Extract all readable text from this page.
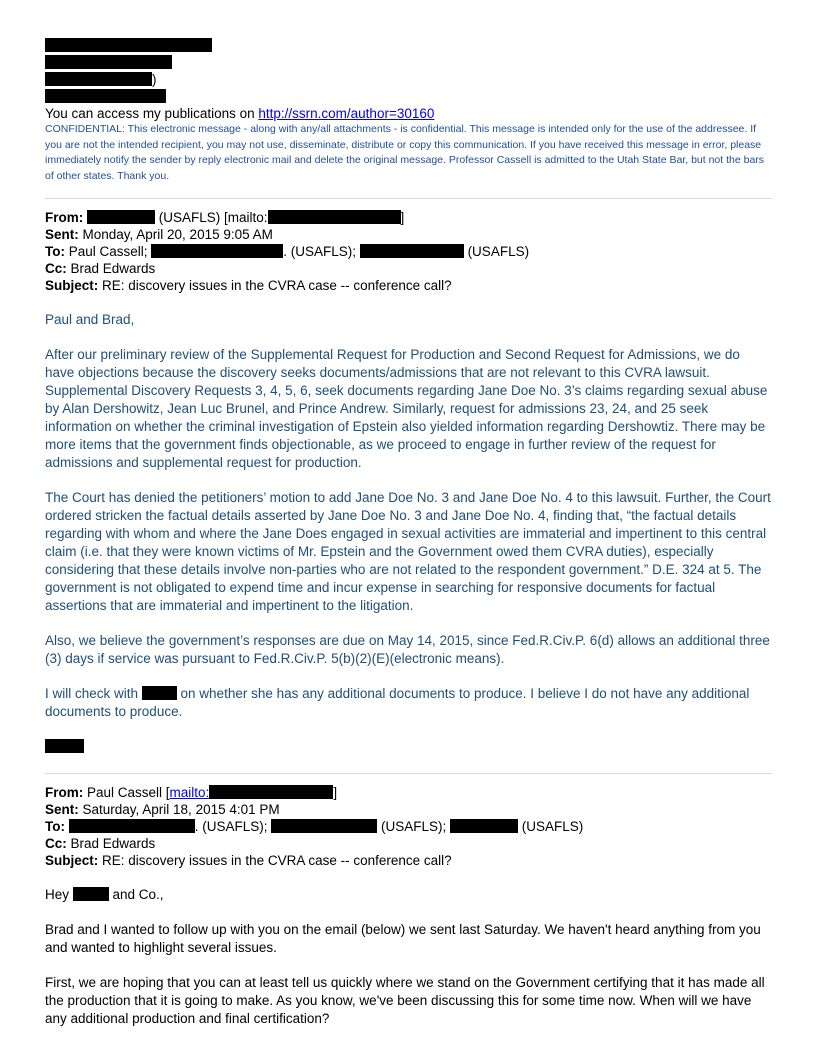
)
You can access my publications on http://ssrn.com/author=30160
CONFIDENTIAL: This electronic message - along with any/all attachments - is confidential. This message is intended only for the use of the addressee. If you are not the intended recipient, you may not use, disseminate, distribute or copy this communication. If you have received this message in error, please immediately notify the sender by reply electronic mail and delete the original message. Professor Cassell is admitted to the Utah State Bar, but not the bars of other states. Thank you.
From:	(USAFLS) [mailto:	]
Sent: Monday, April 20, 2015 9:05 AM
To: Paul Cassell;	. (USAFLS);	(USAFLS)
Cc: Brad Edwards
Subject: RE: discovery issues in the CVRA case -- conference call?

Paul and Brad,

After our preliminary review of the Supplemental Request for Production and Second Request for Admissions, we do have objections because the discovery seeks documents/admissions that are not relevant to this CVRA lawsuit. Supplemental Discovery Requests 3, 4, 5, 6, seek documents regarding Jane Doe No. 3’s claims regarding sexual abuse by Alan Dershowitz, Jean Luc Brunel, and Prince Andrew. Similarly, request for admissions 23, 24, and 25 seek information on whether the criminal investigation of Epstein also yielded information regarding Dershowtiz. There may be more items that the government finds objectionable, as we proceed to engage in further review of the request for admissions and supplemental request for production.

The Court has denied the petitioners’ motion to add Jane Doe No. 3 and Jane Doe No. 4 to this lawsuit. Further, the Court ordered stricken the factual details asserted by Jane Doe No. 3 and Jane Doe No. 4, finding that, “the factual details regarding with whom and where the Jane Does engaged in sexual activities are immaterial and impertinent to this central claim (i.e. that they were known victims of Mr. Epstein and the Government owed them CVRA duties), especially considering that these details involve non-parties who are not related to the respondent government.” D.E. 324 at 5. The government is not obligated to expend time and incur expense in searching for responsive documents for factual assertions that are immaterial and impertinent to the litigation.

Also, we believe the government’s responses are due on May 14, 2015, since Fed.R.Civ.P. 6(d) allows an additional three (3) days if service was pursuant to Fed.R.Civ.P. 5(b)(2)(E)(electronic means).

I will check with	on whether she has any additional documents to produce. I believe I do not have any additional documents to produce.

From: Paul Cassell [mailto:	]
Sent: Saturday, April 18, 2015 4:01 PM
To:	. (USAFLS);	(USAFLS);	(USAFLS)
Cc: Brad Edwards
Subject: RE: discovery issues in the CVRA case -- conference call?

Hey	and Co.,

Brad and I wanted to follow up with you on the email (below) we sent last Saturday. We haven't heard anything from you and wanted to highlight several issues.

First, we are hoping that you can at least tell us quickly where we stand on the Government certifying that it has made all the production that it is going to make. As you know, we've been discussing this for some time now. When will we have any additional production and final certification?
